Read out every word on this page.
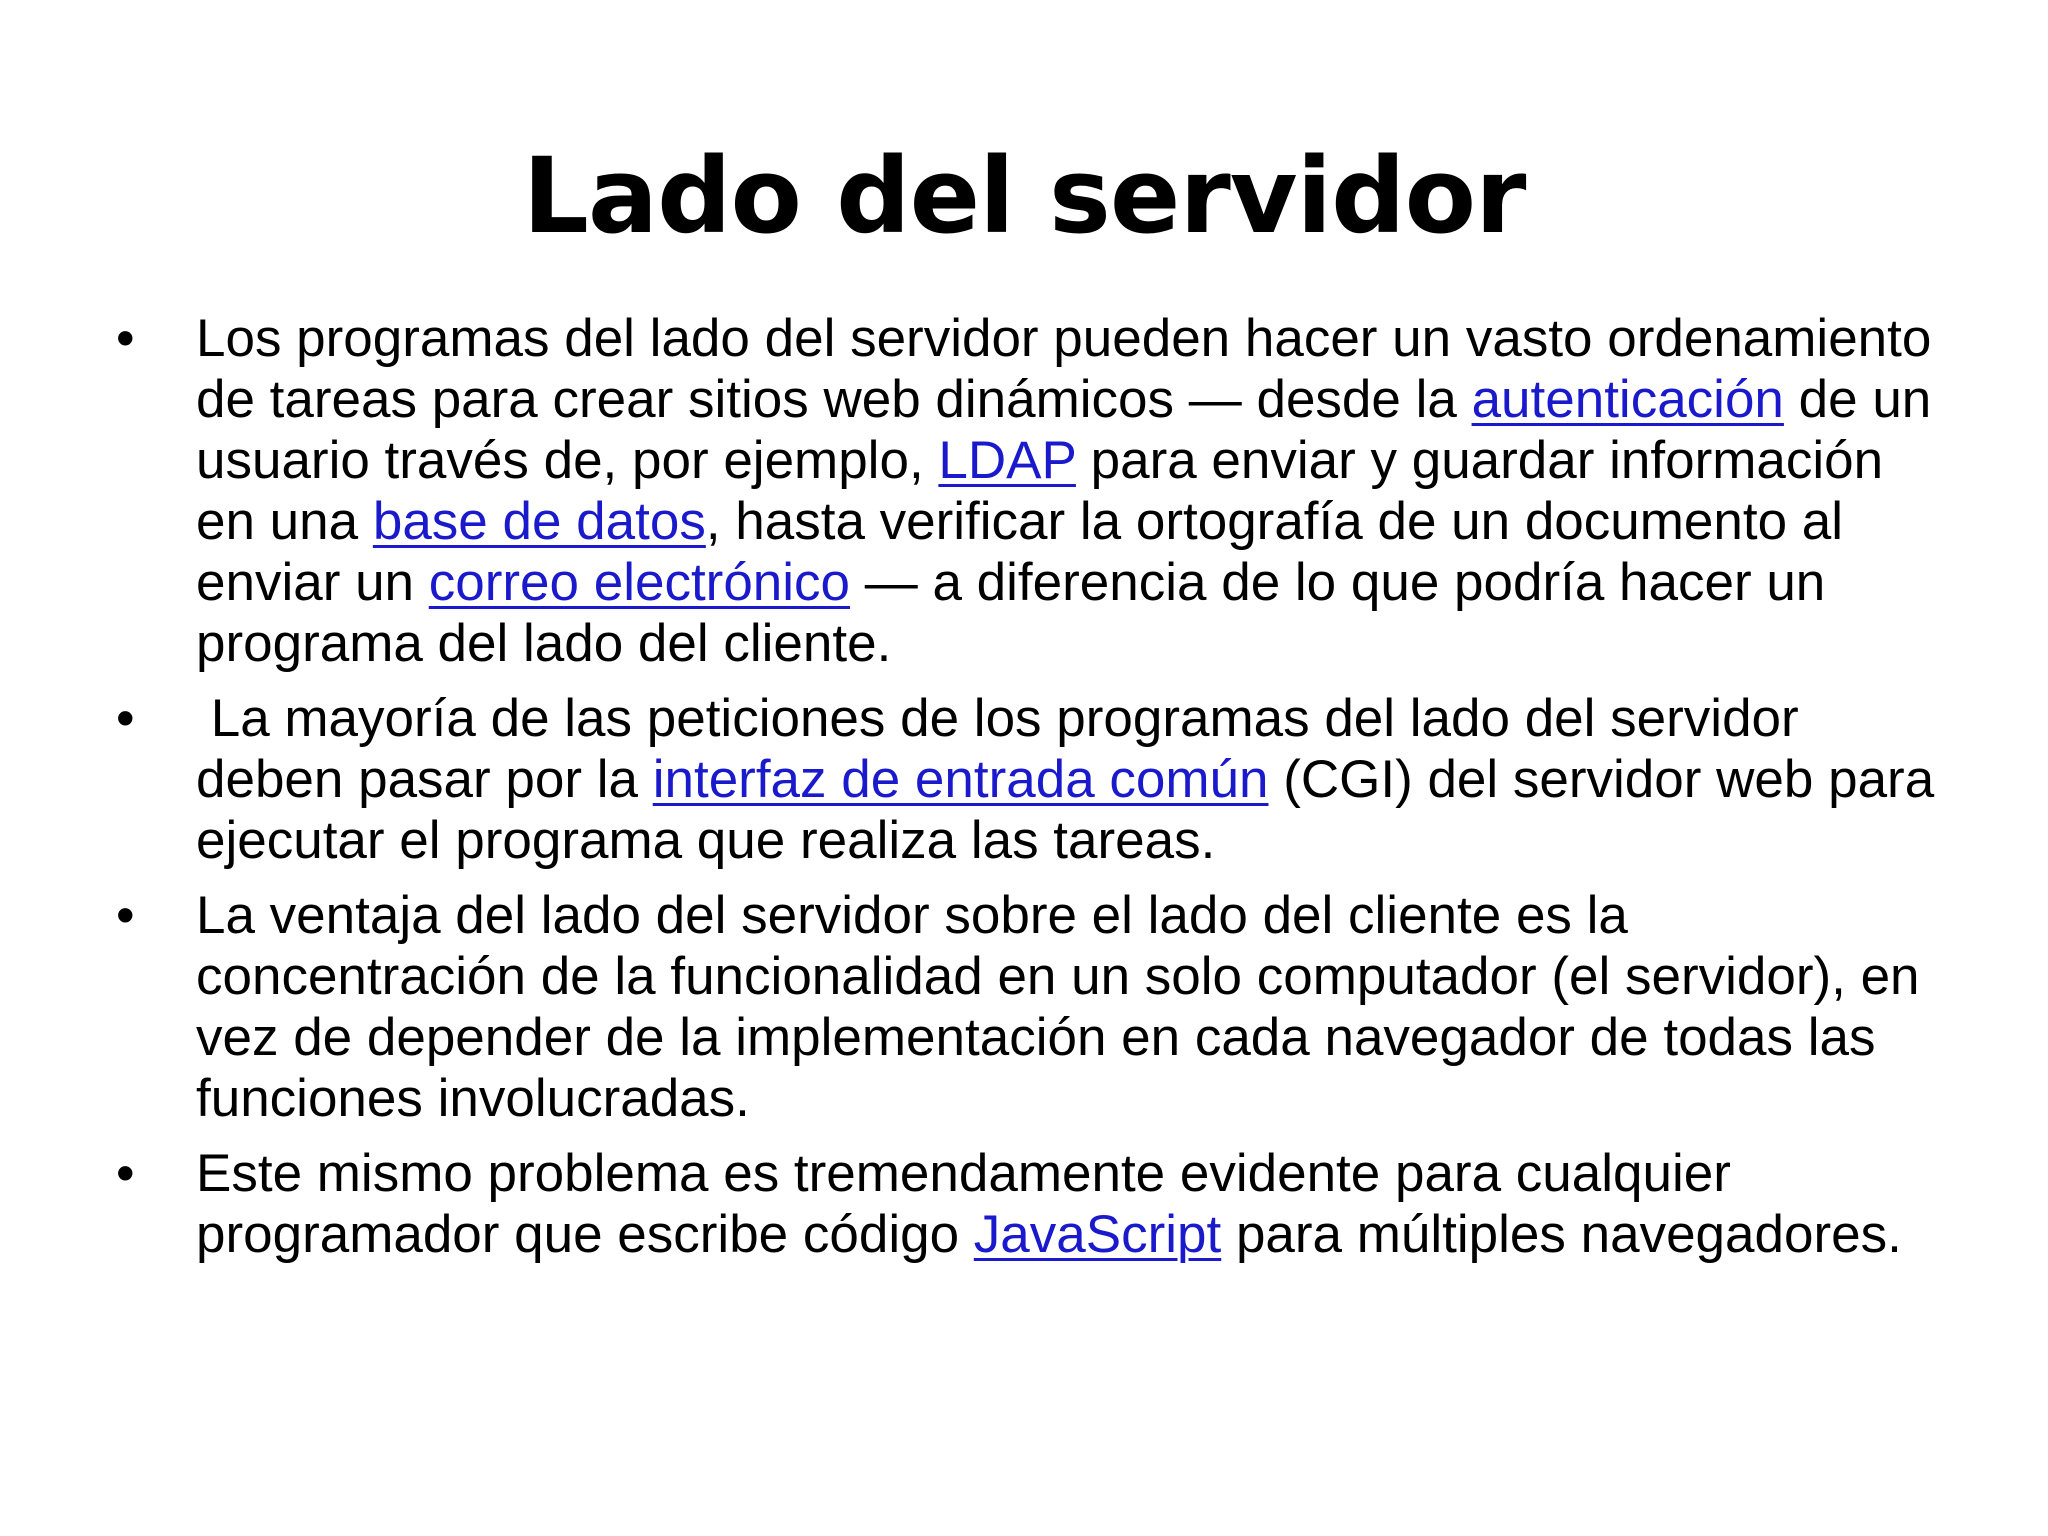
Lado del servidor
•	Los programas del lado del servidor pueden hacer un vasto ordenamiento de tareas para crear sitios web dinámicos — desde la autenticación de un usuario través de, por ejemplo, LDAP para enviar y guardar información en una base de datos, hasta verificar la ortografía de un documento al enviar un correo electrónico — a diferencia de lo que podría hacer un programa del lado del cliente.
•	La mayoría de las peticiones de los programas del lado del servidor deben pasar por la interfaz de entrada común (CGI) del servidor web para ejecutar el programa que realiza las tareas.
•	La ventaja del lado del servidor sobre el lado del cliente es la concentración de la funcionalidad en un solo computador (el servidor), en vez de depender de la implementación en cada navegador de todas las funciones involucradas.
•	Este mismo problema es tremendamente evidente para cualquier programador que escribe código JavaScript para múltiples navegadores.
